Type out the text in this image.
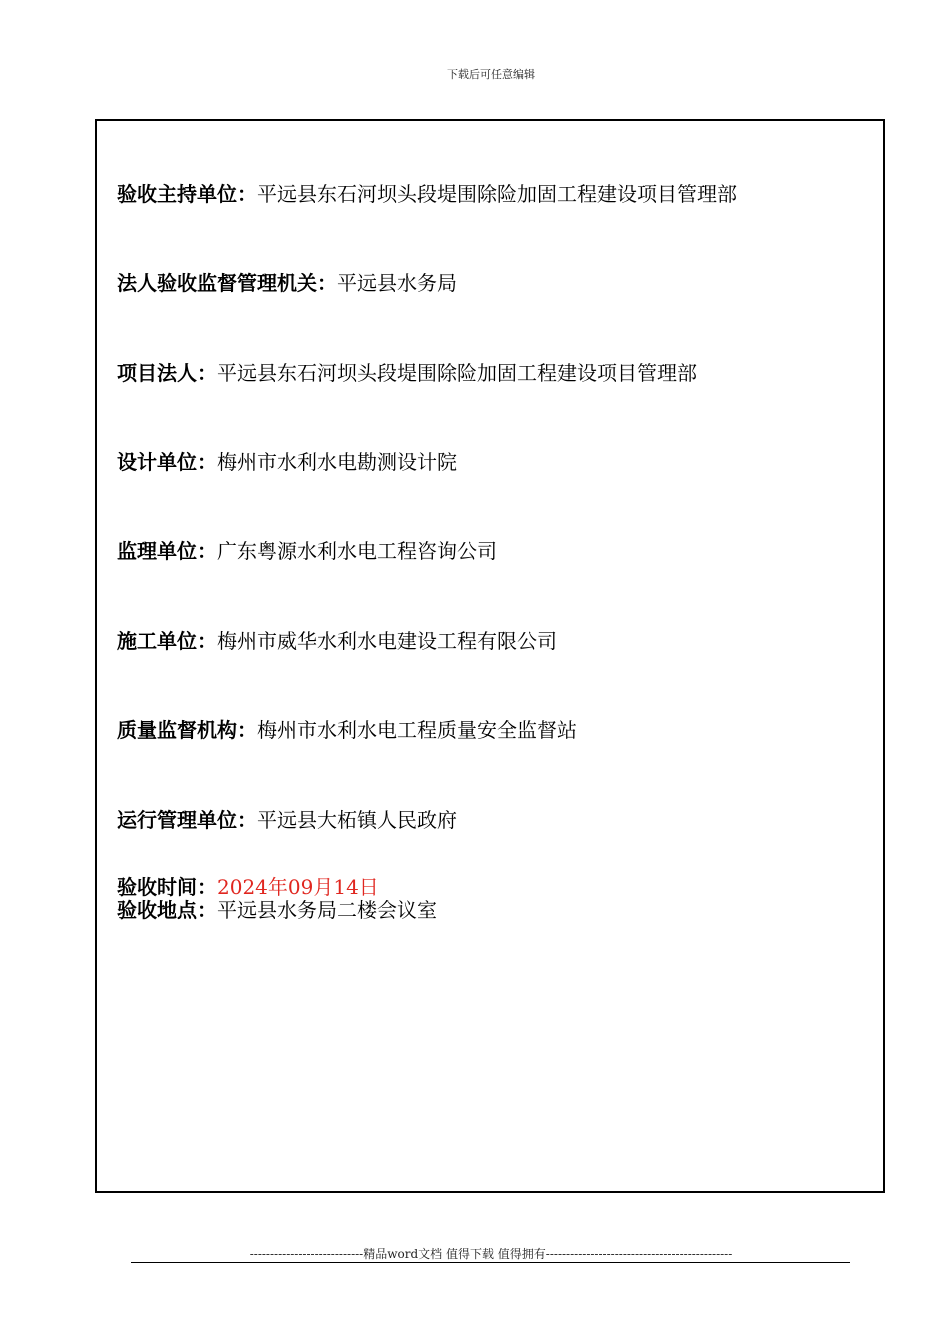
下载后可任意编辑
验收主持单位：平远县东石河坝头段堤围除险加固工程建设项目管理部
法人验收监督管理机关：平远县水务局
项目法人：平远县东石河坝头段堤围除险加固工程建设项目管理部
设计单位：梅州市水利水电勘测设计院
监理单位：广东粤源水利水电工程咨询公司
施工单位：梅州市威华水利水电建设工程有限公司
质量监督机构：梅州市水利水电工程质量安全监督站
运行管理单位：平远县大柘镇人民政府
验收时间：2024年09月14日
验收地点：平远县水务局二楼会议室
----------------------------精品word文档 值得下载 值得拥有----------------------------------------------
